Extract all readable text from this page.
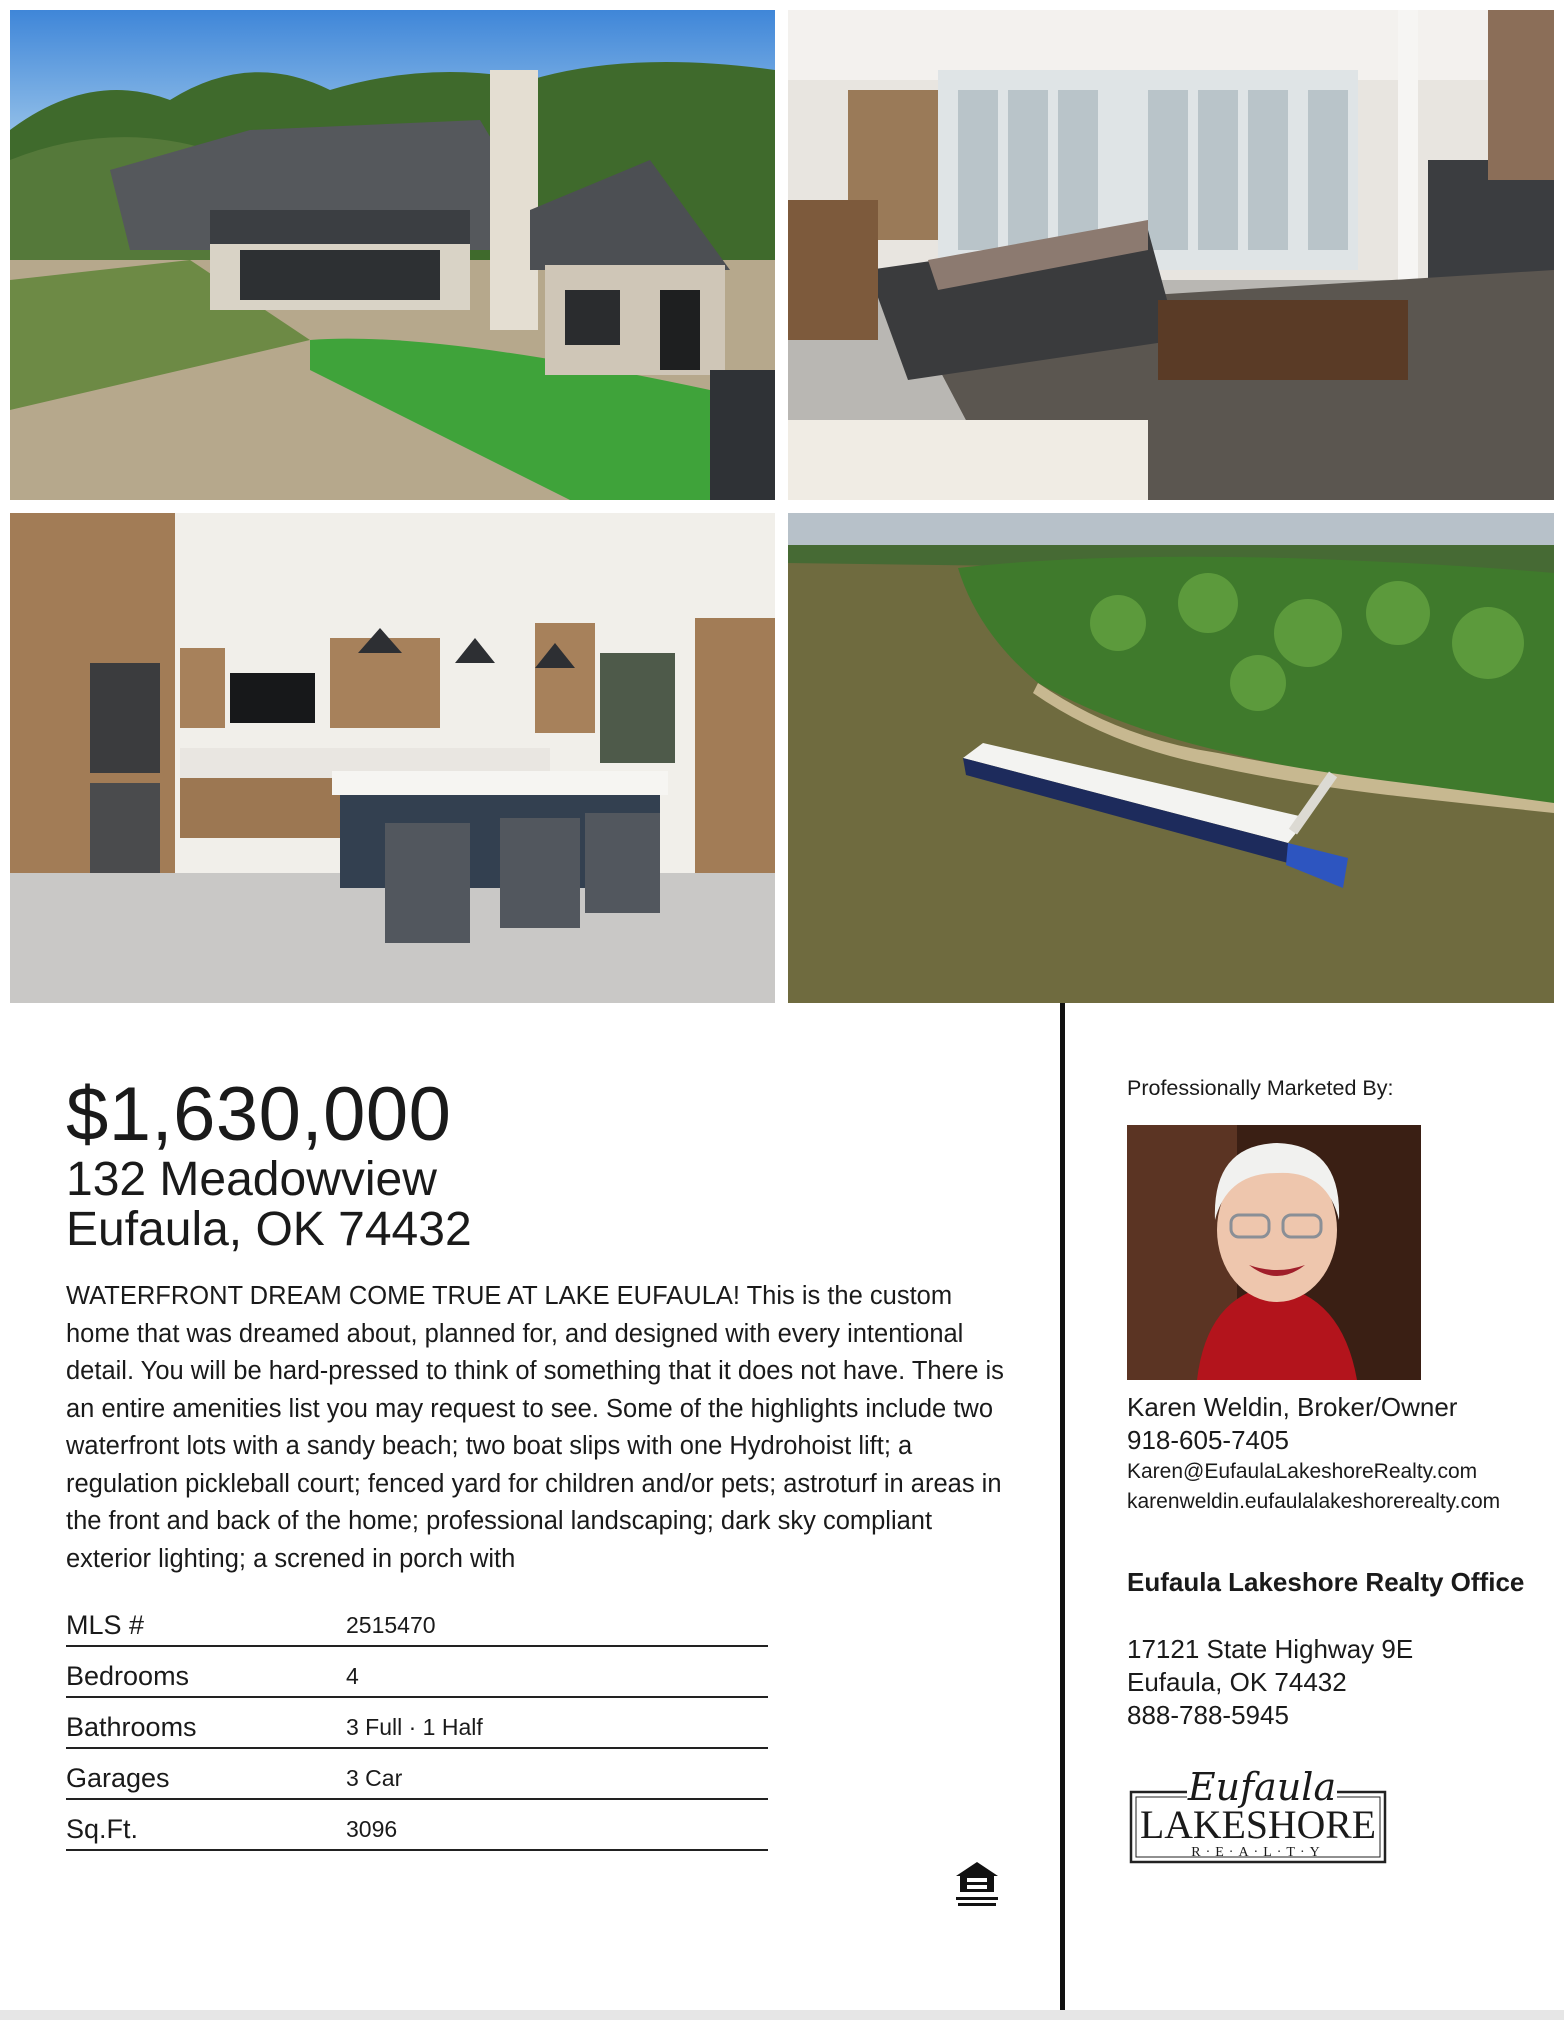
$1,630,000
132 Meadowview
Eufaula, OK 74432
WATERFRONT DREAM COME TRUE AT LAKE EUFAULA! This is the custom home that was dreamed about, planned for, and designed with every intentional detail. You will be hard-pressed to think of something that it does not have. There is an entire amenities list you may request to see. Some of the highlights include two waterfront lots with a sandy beach; two boat slips with one Hydrohoist lift; a regulation pickleball court; fenced yard for children and/or pets; astroturf in areas in the front and back of the home; professional landscaping; dark sky compliant exterior lighting; a screned in porch with
MLS #	2515470
Bedrooms	4
Bathrooms	3 Full · 1 Half
Garages	3 Car
Sq.Ft.	3096
Professionally Marketed By:
Karen Weldin, Broker/Owner
918-605-7405
Karen@EufaulaLakeshoreRealty.com
karenweldin.eufaulalakeshorerealty.com
Eufaula Lakeshore Realty Office
17121 State Highway 9E
Eufaula, OK 74432
888-788-5945
Eufaula
LAKESHORE
R·E·A·L·T·Y
